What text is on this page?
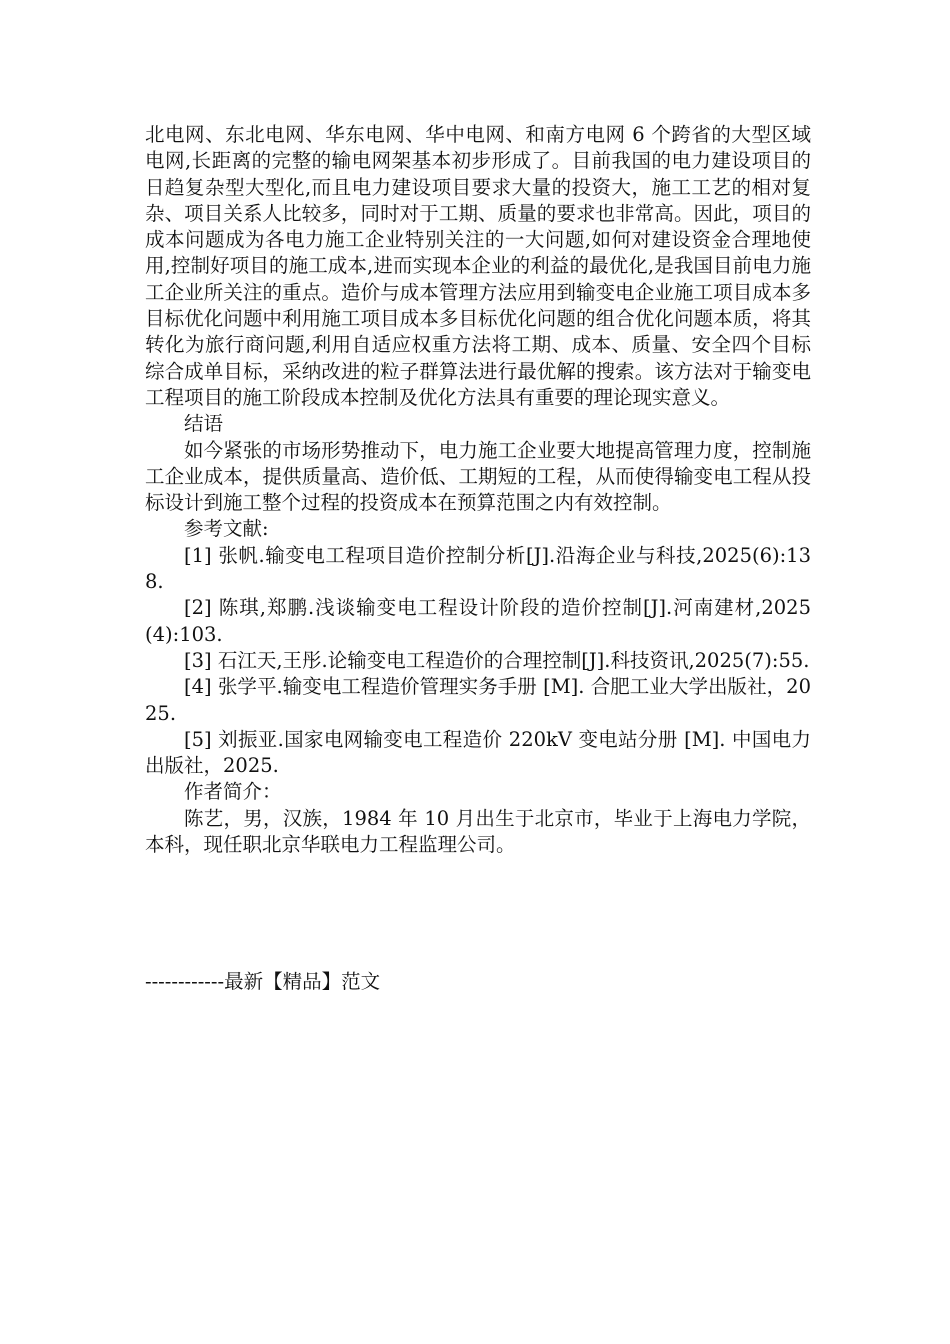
北电网、东北电网、华东电网、华中电网、和南方电网 6 个跨省的大型区域电网,长距离的完整的输电网架基本初步形成了。目前我国的电力建设项目的日趋复杂型大型化,而且电力建设项目要求大量的投资大，施工工艺的相对复杂、项目关系人比较多，同时对于工期、质量的要求也非常高。因此，项目的成本问题成为各电力施工企业特别关注的一大问题,如何对建设资金合理地使用,控制好项目的施工成本,进而实现本企业的利益的最优化,是我国目前电力施工企业所关注的重点。造价与成本管理方法应用到输变电企业施工项目成本多目标优化问题中利用施工项目成本多目标优化问题的组合优化问题本质，将其转化为旅行商问题,利用自适应权重方法将工期、成本、质量、安全四个目标综合成单目标，采纳改进的粒子群算法进行最优解的搜索。该方法对于输变电工程项目的施工阶段成本控制及优化方法具有重要的理论现实意义。

结语

如今紧张的市场形势推动下，电力施工企业要大地提高管理力度，控制施工企业成本，提供质量高、造价低、工期短的工程，从而使得输变电工程从投标设计到施工整个过程的投资成本在预算范围之内有效控制。

参考文献:

[1] 张帆.输变电工程项目造价控制分析[J].沿海企业与科技,2025(6):138.

[2] 陈琪,郑鹏.浅谈输变电工程设计阶段的造价控制[J].河南建材,2025(4):103.

[3] 石江天,王彤.论输变电工程造价的合理控制[J].科技资讯,2025(7):55.

[4] 张学平.输变电工程造价管理实务手册 [M]. 合肥工业大学出版社，2025.

[5] 刘振亚.国家电网输变电工程造价 220kV 变电站分册 [M]. 中国电力出版社，2025.

作者简介：

陈艺，男，汉族，1984 年 10 月出生于北京市，毕业于上海电力学院，本科，现任职北京华联电力工程监理公司。

------------最新【精品】范文
